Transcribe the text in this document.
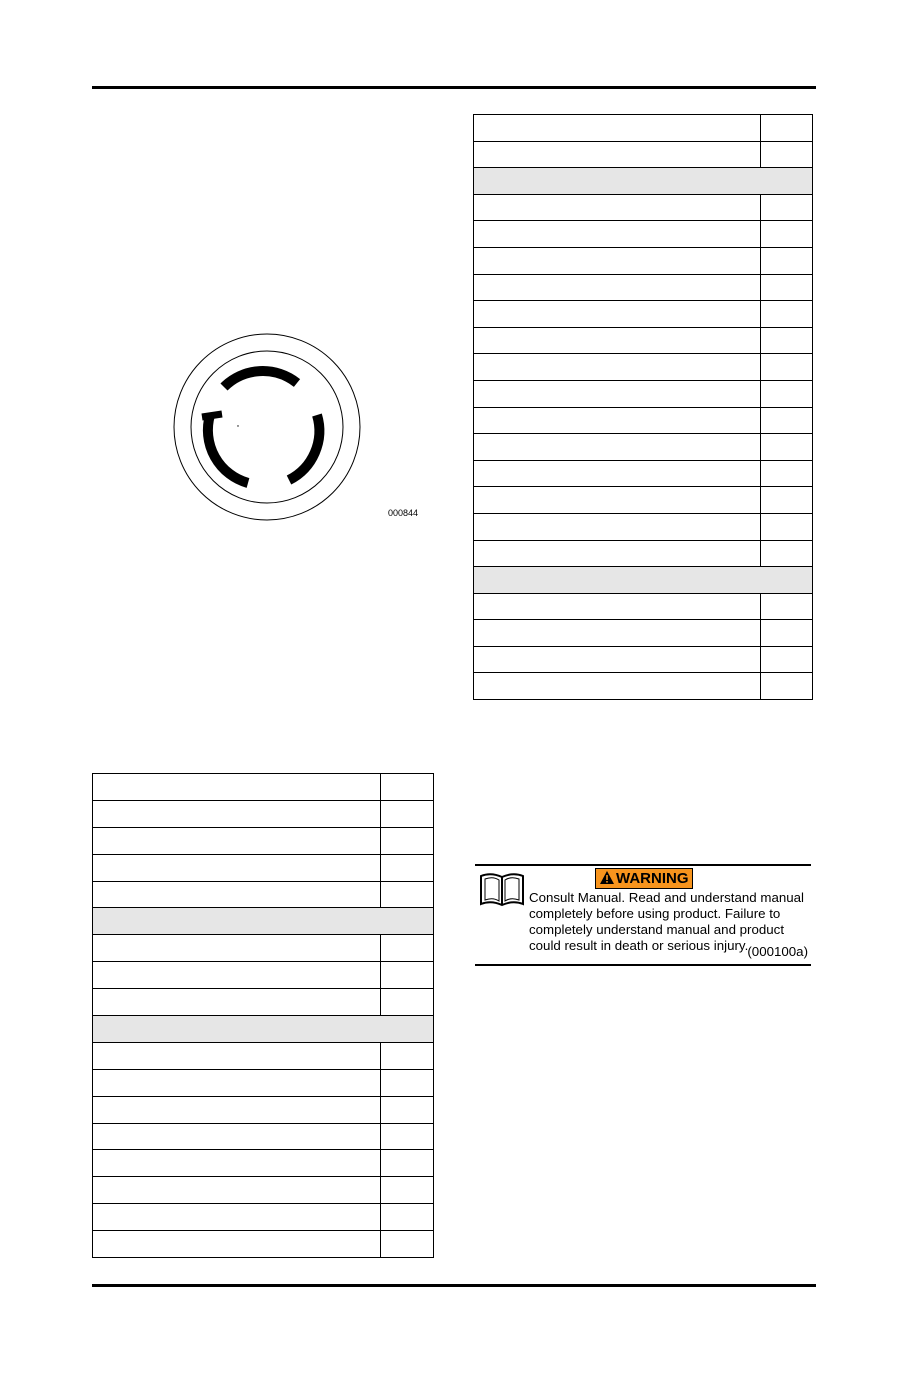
000844

WARNING
Consult Manual. Read and understand manual completely before using product. Failure to completely understand manual and product could result in death or serious injury. (000100a)
